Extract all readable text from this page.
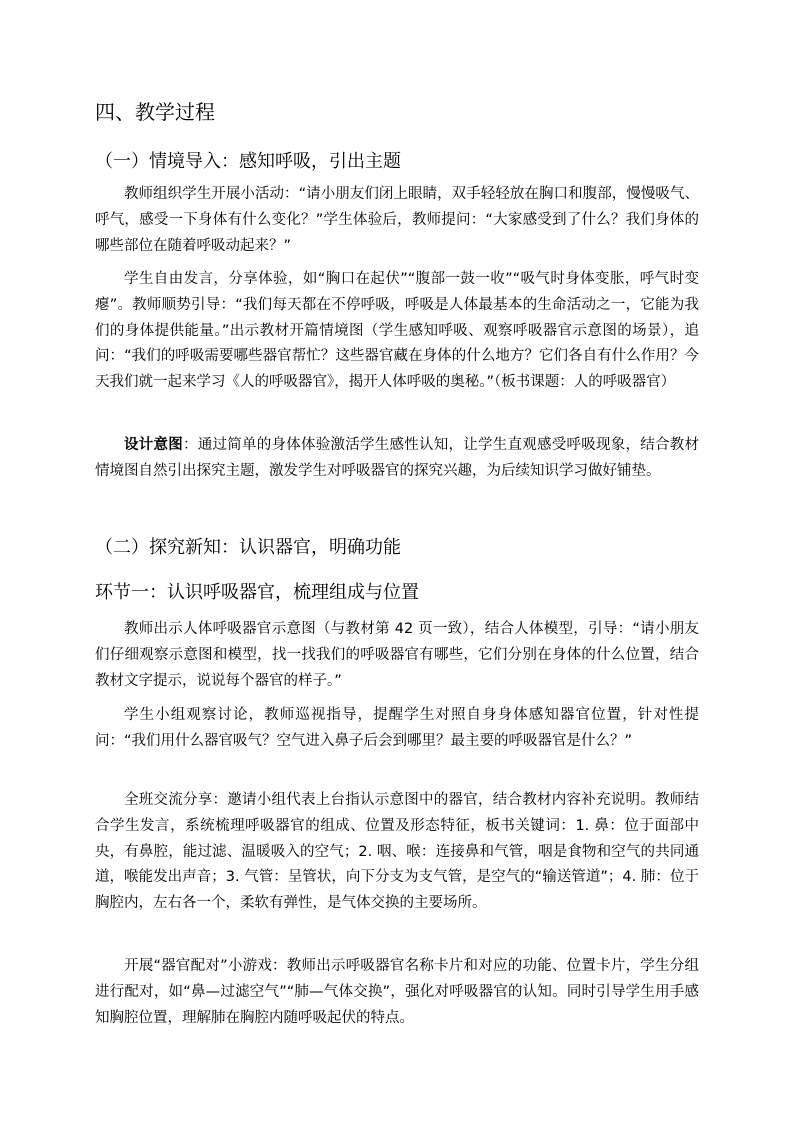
四、教学过程
（一）情境导入：感知呼吸，引出主题

教师组织学生开展小活动：“请小朋友们闭上眼睛，双手轻轻放在胸口和腹部，慢慢吸气、呼气，感受一下身体有什么变化？”学生体验后，教师提问：“大家感受到了什么？我们身体的哪些部位在随着呼吸动起来？”

学生自由发言，分享体验，如“胸口在起伏”“腹部一鼓一收”“吸气时身体变胀，呼气时变瘪”。教师顺势引导：“我们每天都在不停呼吸，呼吸是人体最基本的生命活动之一，它能为我们的身体提供能量。”出示教材开篇情境图（学生感知呼吸、观察呼吸器官示意图的场景），追问：“我们的呼吸需要哪些器官帮忙？这些器官藏在身体的什么地方？它们各自有什么作用？今天我们就一起来学习《人的呼吸器官》，揭开人体呼吸的奥秘。”（板书课题：人的呼吸器官）

设计意图：通过简单的身体体验激活学生感性认知，让学生直观感受呼吸现象，结合教材情境图自然引出探究主题，激发学生对呼吸器官的探究兴趣，为后续知识学习做好铺垫。

（二）探究新知：认识器官，明确功能
环节一：认识呼吸器官，梳理组成与位置

教师出示人体呼吸器官示意图（与教材第 42 页一致），结合人体模型，引导：“请小朋友们仔细观察示意图和模型，找一找我们的呼吸器官有哪些，它们分别在身体的什么位置，结合教材文字提示，说说每个器官的样子。”

学生小组观察讨论，教师巡视指导，提醒学生对照自身身体感知器官位置，针对性提问：“我们用什么器官吸气？空气进入鼻子后会到哪里？最主要的呼吸器官是什么？”

全班交流分享：邀请小组代表上台指认示意图中的器官，结合教材内容补充说明。教师结合学生发言，系统梳理呼吸器官的组成、位置及形态特征，板书关键词：1. 鼻：位于面部中央，有鼻腔，能过滤、温暖吸入的空气；2. 咽、喉：连接鼻和气管，咽是食物和空气的共同通道，喉能发出声音；3. 气管：呈管状，向下分支为支气管，是空气的“输送管道”；4. 肺：位于胸腔内，左右各一个，柔软有弹性，是气体交换的主要场所。

开展“器官配对”小游戏：教师出示呼吸器官名称卡片和对应的功能、位置卡片，学生分组进行配对，如“鼻—过滤空气”“肺—气体交换”，强化对呼吸器官的认知。同时引导学生用手感知胸腔位置，理解肺在胸腔内随呼吸起伏的特点。
